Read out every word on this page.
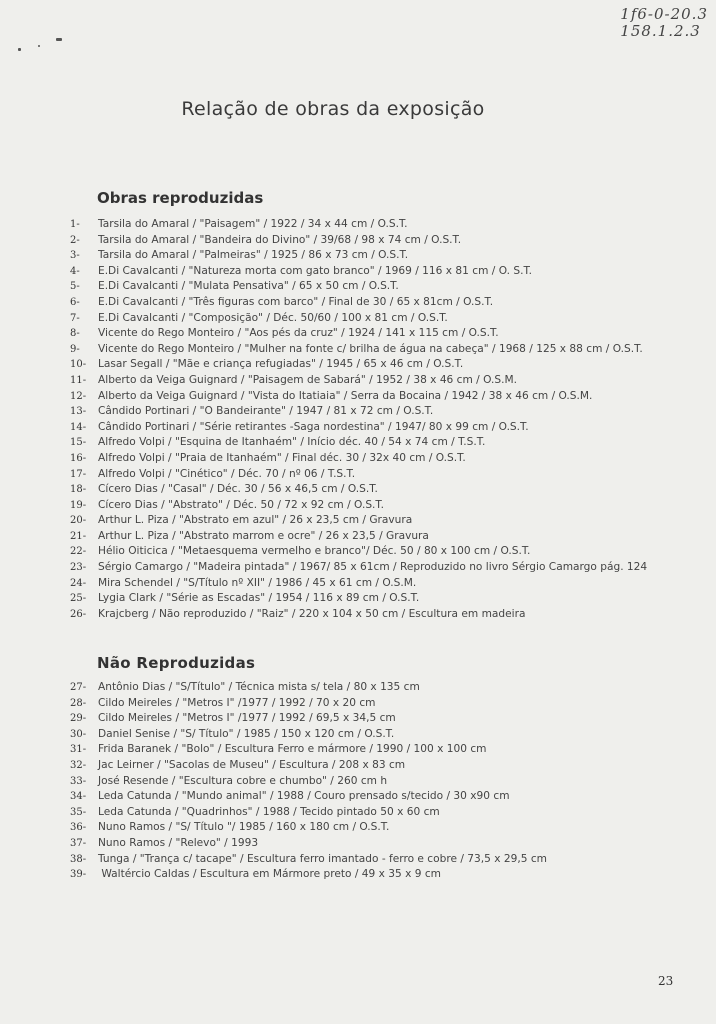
1f6-0-20.3
158.1.2.3
Relação de obras da exposição
Obras reproduzidas
1- Tarsila do Amaral / "Paisagem" / 1922 / 34 x 44 cm / O.S.T.
2- Tarsila do Amaral / "Bandeira do Divino" / 39/68 / 98 x 74 cm / O.S.T.
3- Tarsila do Amaral / "Palmeiras" / 1925 / 86 x 73 cm / O.S.T.
4- E.Di Cavalcanti / "Natureza morta com gato branco" / 1969 / 116 x 81 cm / O. S.T.
5- E.Di Cavalcanti / "Mulata Pensativa" / 65 x 50 cm / O.S.T.
6- E.Di Cavalcanti / "Três figuras com barco" / Final de 30 / 65 x 81cm / O.S.T.
7- E.Di Cavalcanti / "Composição" / Déc. 50/60 / 100 x 81 cm / O.S.T.
8- Vicente do Rego Monteiro / "Aos pés da cruz" / 1924 / 141 x 115 cm / O.S.T.
9- Vicente do Rego Monteiro / "Mulher na fonte c/ brilha de água na cabeça" / 1968 / 125 x 88 cm / O.S.T.
10- Lasar Segall / "Mãe e criança refugiadas" / 1945 / 65 x 46 cm / O.S.T.
11- Alberto da Veiga Guignard / "Paisagem de Sabará" / 1952 / 38 x 46 cm / O.S.M.
12- Alberto da Veiga Guignard / "Vista do Itatiaia" / Serra da Bocaina / 1942 / 38 x 46 cm / O.S.M.
13- Cândido Portinari / "O Bandeirante" / 1947 / 81 x 72 cm / O.S.T.
14- Cândido Portinari / "Série retirantes -Saga nordestina" / 1947/ 80 x 99 cm / O.S.T.
15- Alfredo Volpi / "Esquina de Itanhaém" / Início déc. 40 / 54 x 74 cm / T.S.T.
16- Alfredo Volpi / "Praia de Itanhaém" / Final déc. 30 / 32x 40 cm / O.S.T.
17- Alfredo Volpi / "Cinético" / Déc. 70 / nº 06 / T.S.T.
18- Cícero Dias / "Casal" / Déc. 30 / 56 x 46,5 cm / O.S.T.
19- Cícero Dias / "Abstrato" / Déc. 50 / 72 x 92 cm / O.S.T.
20- Arthur L. Piza / "Abstrato em azul" / 26 x 23,5 cm / Gravura
21- Arthur L. Piza / "Abstrato marrom e ocre" / 26 x 23,5 / Gravura
22- Hélio Oiticica / "Metaesquema vermelho e branco"/ Déc. 50 / 80 x 100 cm / O.S.T.
23- Sérgio Camargo / "Madeira pintada" / 1967/ 85 x 61cm / Reproduzido no livro Sérgio Camargo pág. 124
24- Mira Schendel / "S/Título nº XII" / 1986 / 45 x 61 cm / O.S.M.
25- Lygia Clark / "Série as Escadas" / 1954 / 116 x 89 cm / O.S.T.
26- Krajcberg / Não reproduzido / "Raiz" / 220 x 104 x 50 cm / Escultura em madeira
Não Reproduzidas
27- Antônio Dias / "S/Título" / Técnica mista s/ tela / 80 x 135 cm
28- Cildo Meireles / "Metros I" /1977 / 1992 / 70 x 20 cm
29- Cildo Meireles / "Metros I" /1977 / 1992 / 69,5 x 34,5 cm
30- Daniel Senise / "S/ Título" / 1985 / 150 x 120 cm / O.S.T.
31- Frida Baranek / "Bolo" / Escultura Ferro e mármore / 1990 / 100 x 100 cm
32- Jac Leirner / "Sacolas de Museu" / Escultura / 208 x 83 cm
33- José Resende / "Escultura cobre e chumbo" / 260 cm h
34- Leda Catunda / "Mundo animal" / 1988 / Couro prensado s/tecido / 30 x90 cm
35- Leda Catunda / "Quadrinhos" / 1988 / Tecido pintado 50 x 60 cm
36- Nuno Ramos / "S/ Título "/ 1985 / 160 x 180 cm / O.S.T.
37- Nuno Ramos / "Relevo" / 1993
38- Tunga / "Trança c/ tacape" / Escultura ferro imantado - ferro e cobre / 73,5 x 29,5 cm
39- Waltércio Caldas / Escultura em Mármore preto / 49 x 35 x 9 cm
23
